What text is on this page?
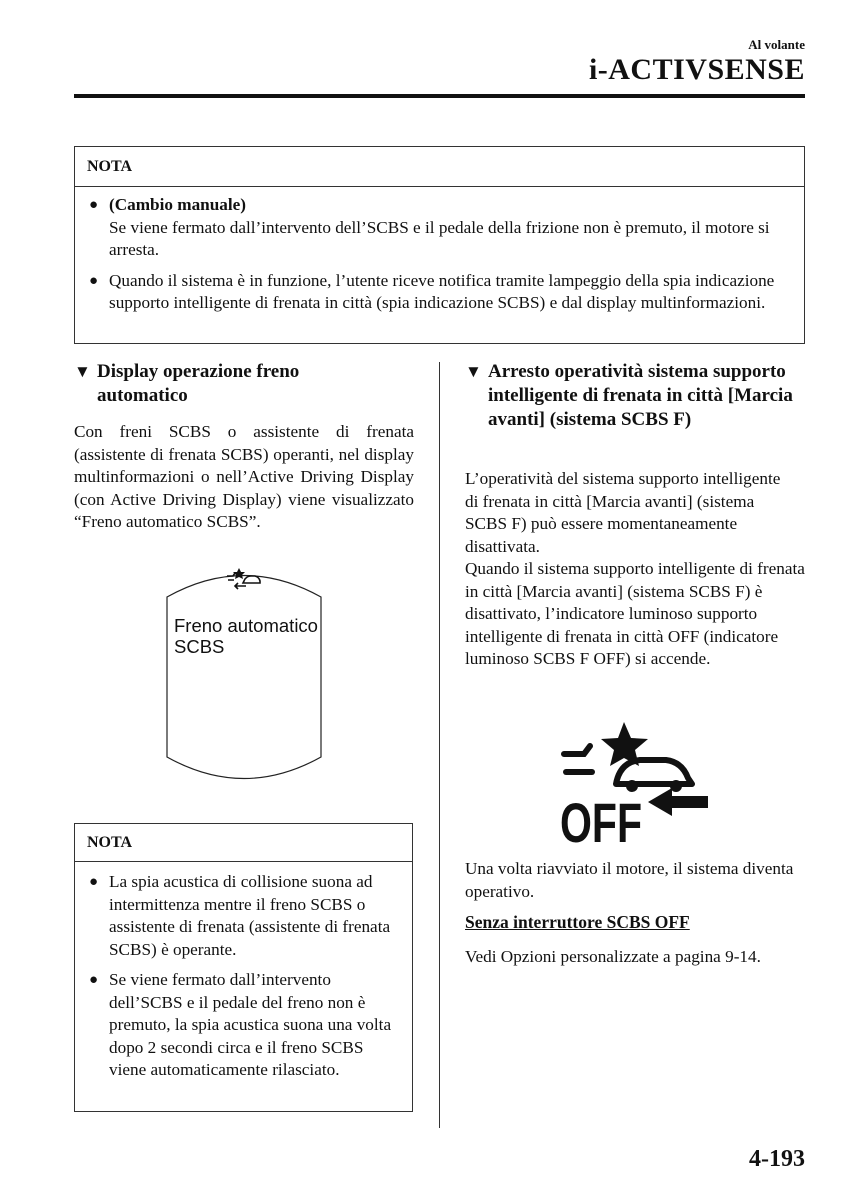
Al volante
i-ACTIVSENSE
NOTA
● (Cambio manuale)
Se viene fermato dall’intervento dell’SCBS e il pedale della frizione non è premuto, il motore si arresta.
● Quando il sistema è in funzione, l’utente riceve notifica tramite lampeggio della spia indicazione supporto intelligente di frenata in città (spia indicazione SCBS) e dal display multinformazioni.
▼ Display operazione freno automatico
Con freni SCBS o assistente di frenata (assistente di frenata SCBS) operanti, nel display multinformazioni o nell’Active Driving Display (con Active Driving Display) viene visualizzato “Freno automatico SCBS”.
Freno automatico
SCBS
NOTA
● La spia acustica di collisione suona ad intermittenza mentre il freno SCBS o assistente di frenata (assistente di frenata SCBS) è operante.
● Se viene fermato dall’intervento dell’SCBS e il pedale del freno non è premuto, la spia acustica suona una volta dopo 2 secondi circa e il freno SCBS viene automaticamente rilasciato.
▼ Arresto operatività sistema supporto intelligente di frenata in città [Marcia avanti] (sistema SCBS F)
L’operatività del sistema supporto intelligente di frenata in città [Marcia avanti] (sistema SCBS F) può essere momentaneamente disattivata.
Quando il sistema supporto intelligente di frenata in città [Marcia avanti] (sistema SCBS F) è disattivato, l’indicatore luminoso supporto intelligente di frenata in città OFF (indicatore luminoso SCBS F OFF) si accende.
OFF
Una volta riavviato il motore, il sistema diventa operativo.
Senza interruttore SCBS OFF
Vedi Opzioni personalizzate a pagina 9-14.
4-193
